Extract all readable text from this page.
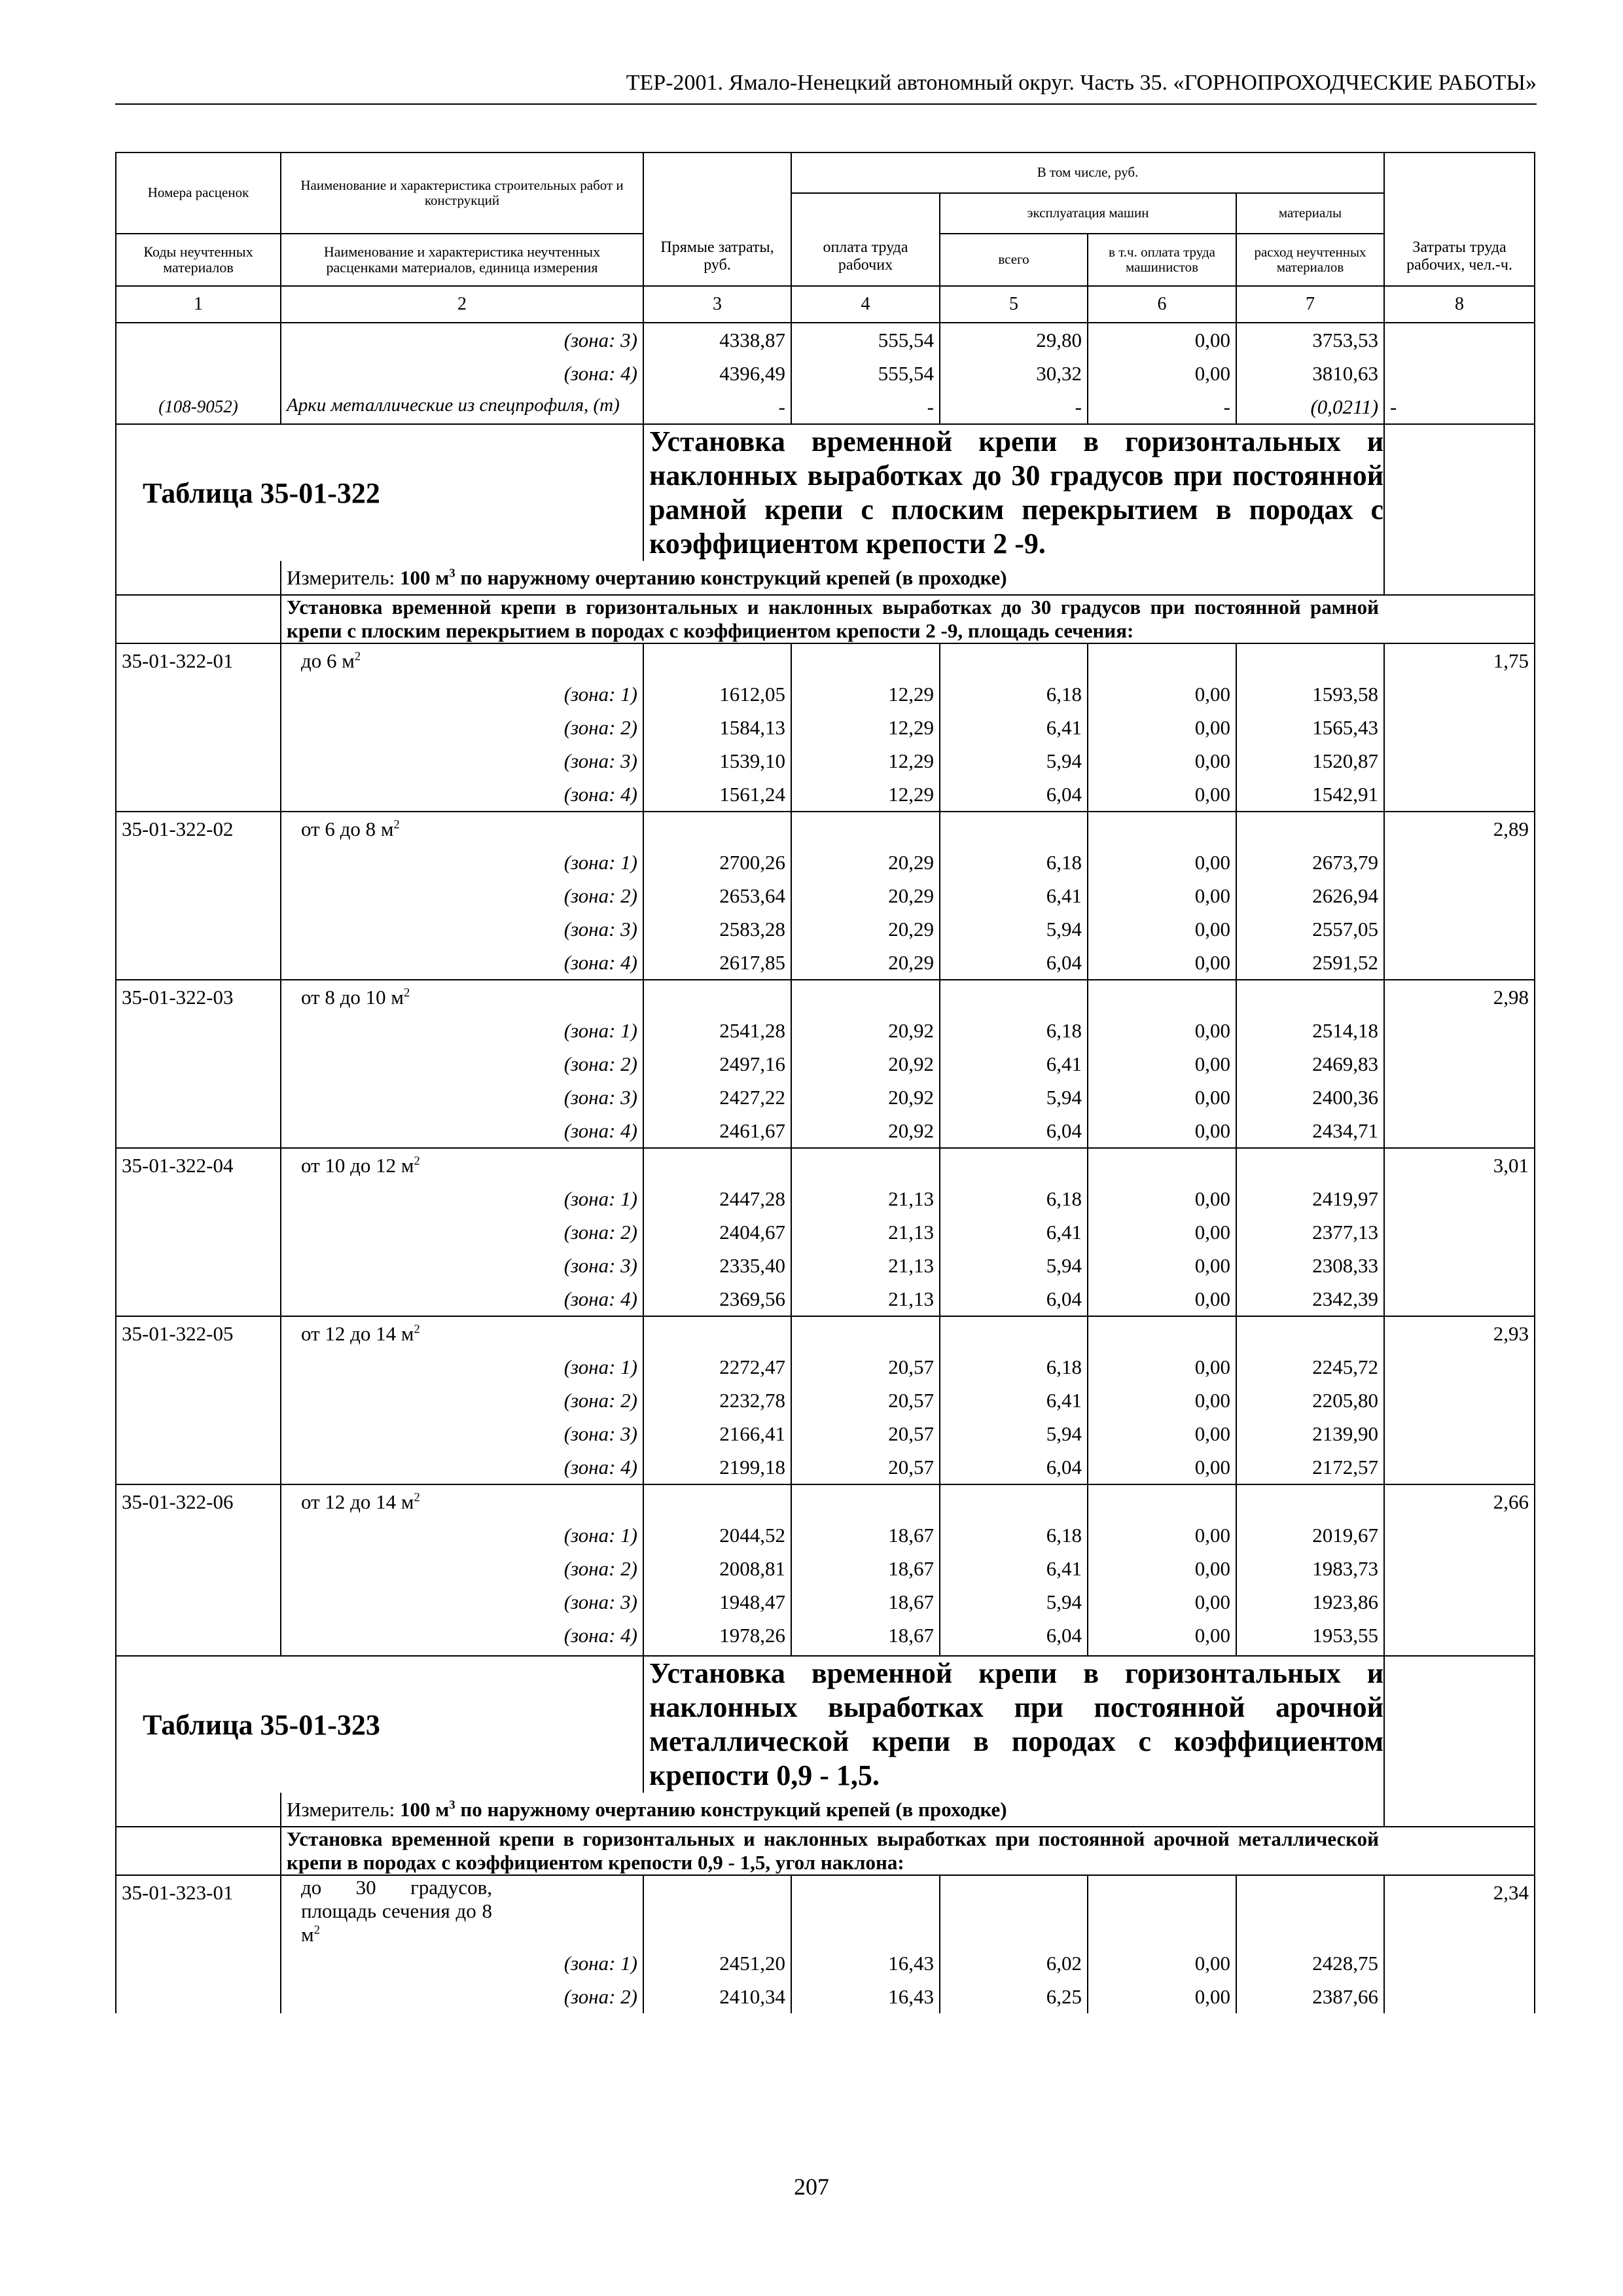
ТЕР-2001. Ямало-Ненецкий автономный округ. Часть 35. «ГОРНОПРОХОДЧЕСКИЕ РАБОТЫ»
Номера расценок	Наименование и характеристика строительных работ и конструкций	Прямые затраты, руб.	В том числе, руб.				Затраты труда рабочих, чел.-ч.
			оплата труда рабочих	эксплуатация машин		материалы	
Коды неучтенных материалов	Наименование и характеристика неучтенных расценками материалов, единица измерения			всего	в т.ч. оплата труда машинистов	расход неучтенных материалов	

1	2	3	4	5	6	7	8
	(зона: 3)	4338,87	555,54	29,80	0,00	3753,53	
	(зона: 4)	4396,49	555,54	30,32	0,00	3810,63	
(108-9052)	Арки металлические из спецпрофиля, (т)	-	-	-	-	(0,0211)	-
Таблица 35-01-322		Установка временной крепи в горизонтальных и наклонных выработках до 30 градусов при постоянной рамной крепи с плоским перекрытием в породах с коэффициентом крепости 2 -9.					
	Измеритель: 100 $м^3$ по наружному очертанию конструкций крепей (в проходке)						
	Установка временной крепи в горизонтальных и наклонных выработках до 30 градусов при постоянной рамной крепи с плоским перекрытием в породах с коэффициентом крепости 2 -9, площадь сечения:						
35-01-322-01	до 6 $м^2$						1,75
	(зона: 1)	1612,05	12,29	6,18	0,00	1593,58	
	(зона: 2)	1584,13	12,29	6,41	0,00	1565,43	
	(зона: 3)	1539,10	12,29	5,94	0,00	1520,87	
	(зона: 4)	1561,24	12,29	6,04	0,00	1542,91	
35-01-322-02	от 6 до 8 $м^2$						2,89
	(зона: 1)	2700,26	20,29	6,18	0,00	2673,79	
	(зона: 2)	2653,64	20,29	6,41	0,00	2626,94	
	(зона: 3)	2583,28	20,29	5,94	0,00	2557,05	
	(зона: 4)	2617,85	20,29	6,04	0,00	2591,52	
35-01-322-03	от 8 до 10 $м^2$						2,98
	(зона: 1)	2541,28	20,92	6,18	0,00	2514,18	
	(зона: 2)	2497,16	20,92	6,41	0,00	2469,83	
	(зона: 3)	2427,22	20,92	5,94	0,00	2400,36	
	(зона: 4)	2461,67	20,92	6,04	0,00	2434,71	
35-01-322-04	от 10 до 12 $м^2$						3,01
	(зона: 1)	2447,28	21,13	6,18	0,00	2419,97	
	(зона: 2)	2404,67	21,13	6,41	0,00	2377,13	
	(зона: 3)	2335,40	21,13	5,94	0,00	2308,33	
	(зона: 4)	2369,56	21,13	6,04	0,00	2342,39	
35-01-322-05	от 12 до 14 $м^2$						2,93
	(зона: 1)	2272,47	20,57	6,18	0,00	2245,72	
	(зона: 2)	2232,78	20,57	6,41	0,00	2205,80	
	(зона: 3)	2166,41	20,57	5,94	0,00	2139,90	
	(зона: 4)	2199,18	20,57	6,04	0,00	2172,57	
35-01-322-06	от 12 до 14 $м^2$						2,66
	(зона: 1)	2044,52	18,67	6,18	0,00	2019,67	
	(зона: 2)	2008,81	18,67	6,41	0,00	1983,73	
	(зона: 3)	1948,47	18,67	5,94	0,00	1923,86	
	(зона: 4)	1978,26	18,67	6,04	0,00	1953,55	

Таблица 35-01-323		Установка временной крепи в горизонтальных и наклонных выработках при постоянной арочной металлической крепи в породах с коэффициентом крепости 0,9 - 1,5.					
	Измеритель: 100 $м^3$ по наружному очертанию конструкций крепей (в проходке)						
	Установка временной крепи в горизонтальных и наклонных выработках при постоянной арочной металлической крепи в породах с коэффициентом крепости 0,9 - 1,5, угол наклона:						
35-01-323-01	до 30 градусов, площадь сечения до 8 $м^2$						2,34
	(зона: 1)	2451,20	16,43	6,02	0,00	2428,75	
	(зона: 2)	2410,34	16,43	6,25	0,00	2387,66	
207
